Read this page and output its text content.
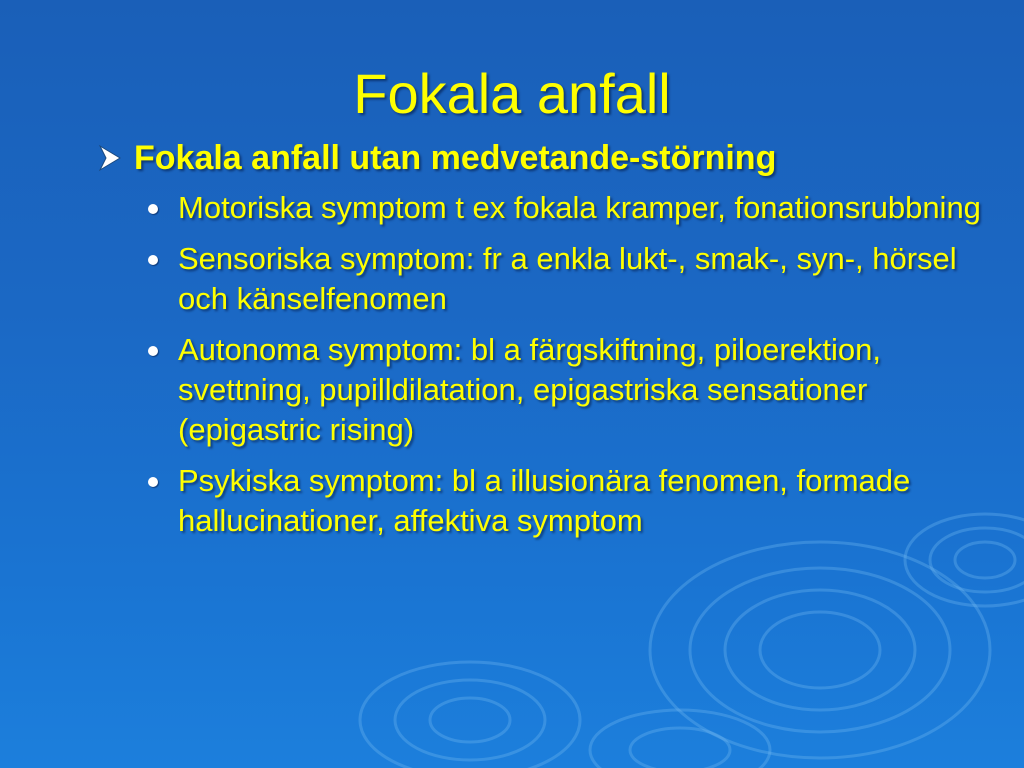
Fokala anfall
Fokala anfall utan medvetande-störning
Motoriska symptom t ex fokala kramper, fonationsrubbning
Sensoriska symptom: fr a enkla lukt-, smak-, syn-, hörsel och känselfenomen
Autonoma symptom: bl a färgskiftning, piloerektion, svettning, pupilldilatation, epigastriska sensationer (epigastric rising)
Psykiska symptom: bl a illusionära fenomen, formade hallucinationer, affektiva symptom
